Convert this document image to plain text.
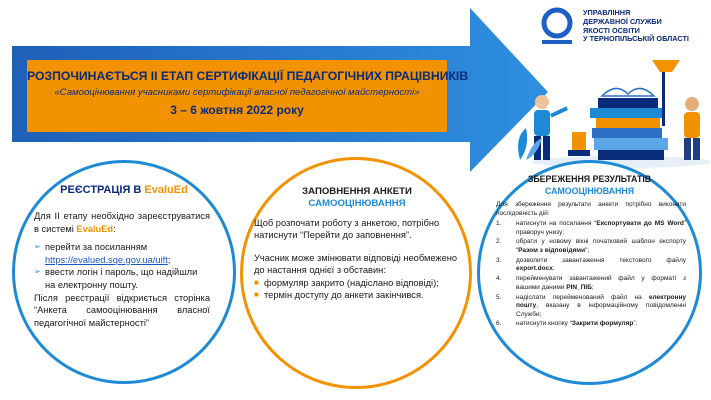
УПРАВЛІННЯ
ДЕРЖАВНОЇ СЛУЖБИ
ЯКОСТІ ОСВІТИ
У ТЕРНОПІЛЬСЬКІЙ ОБЛАСТІ
РОЗПОЧИНАЄТЬСЯ ІІ ЕТАП СЕРТИФІКАЦІЇ ПЕДАГОГІЧНИХ ПРАЦІВНИКІВ
«Самооцінювання учасниками сертифікації власної педагогічної майстерності»
3 – 6 жовтня 2022 року
РЕЄСТРАЦІЯ В EvaluEd
Для ІІ етапу необхідно зареєструватися в системі EvaluEd:
➢ перейти за посиланням https://evalued.sqe.gov.ua/uift;
➢ ввести логін і пароль, що надійшли на електронну пошту.
Після реєстрації відкриється сторінка “Анкета самооцінювання власної педагогічної майстерності”
ЗАПОВНЕННЯ АНКЕТИ
САМООЦІНЮВАННЯ
Щоб розпочати роботу з анкетою, потрібно натиснути “Перейти до заповнення”.
Учасник може змінювати відповіді необмежено до настання однієї з обставин:
■ формуляр закрито (надіслано відповіді);
■ термін доступу до анкети закінчився.
ЗБЕРЕЖЕННЯ РЕЗУЛЬТАТІВ
САМООЦІНЮВАННЯ
Для збереження результати анкети потрібно виконати послідовність дій:
1.	натиснути на посилання “Експортувати до MS Word” праворуч унизу;
2.	обрати у новому вікні початковий шаблон експорту “Разом з відповідями”;
3.	дозволити завантаження текстового файлу export.docx;
4.	перейменувати завантажений файл у форматі з вашими даними PIN_ПІБ;
5.	надіслати перейменований файл на електронну пошту, вказану в інформаційному повідомленні Служби;
6.	натиснути кнопку “Закрити формуляр”.
